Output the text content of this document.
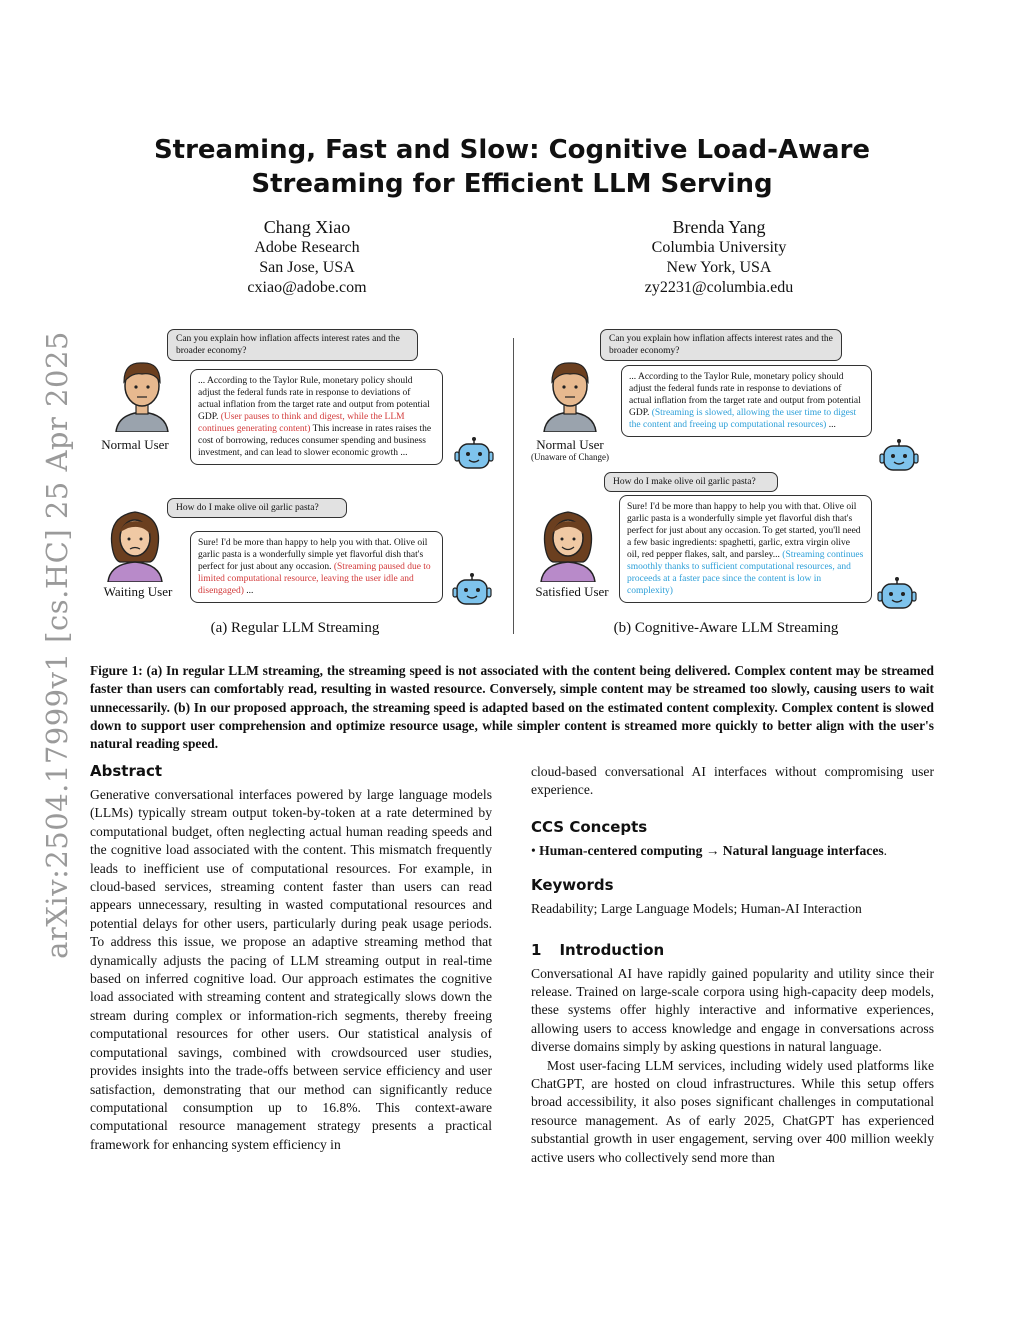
arXiv:2504.17999v1 [cs.HC] 25 Apr 2025
Streaming, Fast and Slow: Cognitive Load-Aware Streaming for Efficient LLM Serving
Chang Xiao
Adobe Research
San Jose, USA
cxiao@adobe.com
Brenda Yang
Columbia University
New York, USA
zy2231@columbia.edu
Can you explain how inflation affects interest rates and the broader economy?
Normal User
... According to the Taylor Rule, monetary policy should adjust the federal funds rate in response to deviations of actual inflation from the target rate and output from potential GDP. (User pauses to think and digest, while the LLM continues generating content) This increase in rates raises the cost of borrowing, reduces consumer spending and business investment, and can lead to slower economic growth ...
How do I make olive oil garlic pasta?
Waiting User
Sure! I'd be more than happy to help you with that. Olive oil garlic pasta is a wonderfully simple yet flavorful dish that's perfect for just about any occasion. (Streaming paused due to limited computational resource, leaving the user idle and disengaged) ...
(a) Regular LLM Streaming
Can you explain how inflation affects interest rates and the broader economy?
Normal User
(Unaware of Change)
... According to the Taylor Rule, monetary policy should adjust the federal funds rate in response to deviations of actual inflation from the target rate and output from potential GDP. (Streaming is slowed, allowing the user time to digest the content and freeing up computational resources) ...
How do I make olive oil garlic pasta?
Satisfied User
Sure! I'd be more than happy to help you with that. Olive oil garlic pasta is a wonderfully simple yet flavorful dish that's perfect for just about any occasion. To get started, you'll need a few basic ingredients: spaghetti, garlic, extra virgin olive oil, red pepper flakes, salt, and parsley... (Streaming continues smoothly thanks to sufficient computational resources, and proceeds at a faster pace since the content is low in complexity)
(b) Cognitive-Aware LLM Streaming
Figure 1: (a) In regular LLM streaming, the streaming speed is not associated with the content being delivered. Complex content may be streamed faster than users can comfortably read, resulting in wasted resource. Conversely, simple content may be streamed too slowly, causing users to wait unnecessarily. (b) In our proposed approach, the streaming speed is adapted based on the estimated content complexity. Complex content is slowed down to support user comprehension and optimize resource usage, while simpler content is streamed more quickly to better align with the user's natural reading speed.
Abstract
Generative conversational interfaces powered by large language models (LLMs) typically stream output token-by-token at a rate determined by computational budget, often neglecting actual human reading speeds and the cognitive load associated with the content. This mismatch frequently leads to inefficient use of computational resources. For example, in cloud-based services, streaming content faster than users can read appears unnecessary, resulting in wasted computational resources and potential delays for other users, particularly during peak usage periods. To address this issue, we propose an adaptive streaming method that dynamically adjusts the pacing of LLM streaming output in real-time based on inferred cognitive load. Our approach estimates the cognitive load associated with streaming content and strategically slows down the stream during complex or information-rich segments, thereby freeing computational resources for other users. Our statistical analysis of computational savings, combined with crowdsourced user studies, provides insights into the trade-offs between service efficiency and user satisfaction, demonstrating that our method can significantly reduce computational consumption up to 16.8%. This context-aware computational resource management strategy presents a practical framework for enhancing system efficiency in
cloud-based conversational AI interfaces without compromising user experience.
CCS Concepts
• Human-centered computing → Natural language interfaces.
Keywords
Readability; Large Language Models; Human-AI Interaction
1 Introduction
Conversational AI have rapidly gained popularity and utility since their release. Trained on large-scale corpora using high-capacity deep models, these systems offer highly interactive and informative experiences, allowing users to access knowledge and engage in conversations across diverse domains simply by asking questions in natural language.
Most user-facing LLM services, including widely used platforms like ChatGPT, are hosted on cloud infrastructures. While this setup offers broad accessibility, it also poses significant challenges in computational resource management. As of early 2025, ChatGPT has experienced substantial growth in user engagement, serving over 400 million weekly active users who collectively send more than
